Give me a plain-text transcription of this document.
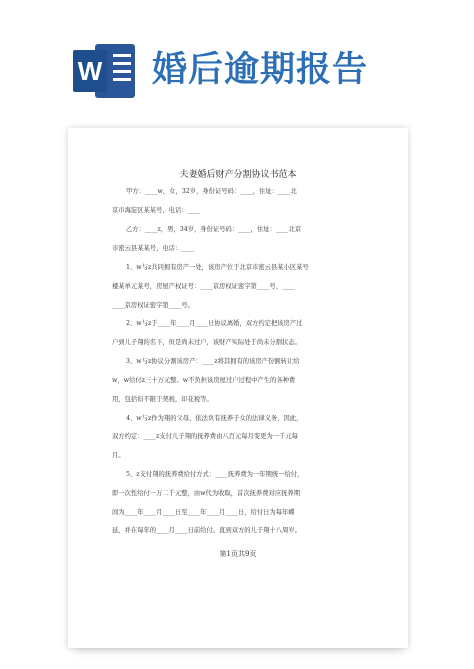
W 婚后逾期报告
夫妻婚后财产分割协议书范本
甲方：____w，女，32岁，身份证号码：____，住址：____北
京市海淀区某某号，电话：____
乙方：____z，男，34岁，身份证号码：____，住址：____北京
市密云县某某号，电话：____
1、w与z共同拥有房产一处，该房产位于北京市密云县某小区某号
楼某单元某号，房屋产权证号：____京房权证密字第____号、____
____京房权证密字第____号。
2、w与z于____年____月____日协议离婚，双方约定把该房产过
户到儿子翔的名下，但是尚未过户，该财产实际处于尚未分割状态。
3、w与z协议分割该房产：____z将其拥有的该房产份额转让给
w，w给付z三十万元整。w不负担该房屋过户过程中产生的各种费
用，包括但不限于契税，印花税等。
4、w与z作为翔的父母，依法负有抚养子女的法律义务，因此，
双方约定：____z支付儿子翔的抚养费由八百元每月变更为一千元每
月。
5、z支付翔的抚养费给付方式：____抚养费为一年期统一给付，
即一次性给付一万二千元整，由w代为收取，首次抚养费对应抚养期
间为____年____月____日至____年____月____日，给付日为每年蝶
延，并在每年的____月____日前给付。直到双方的儿子翔十八周岁。
第1页共9页
